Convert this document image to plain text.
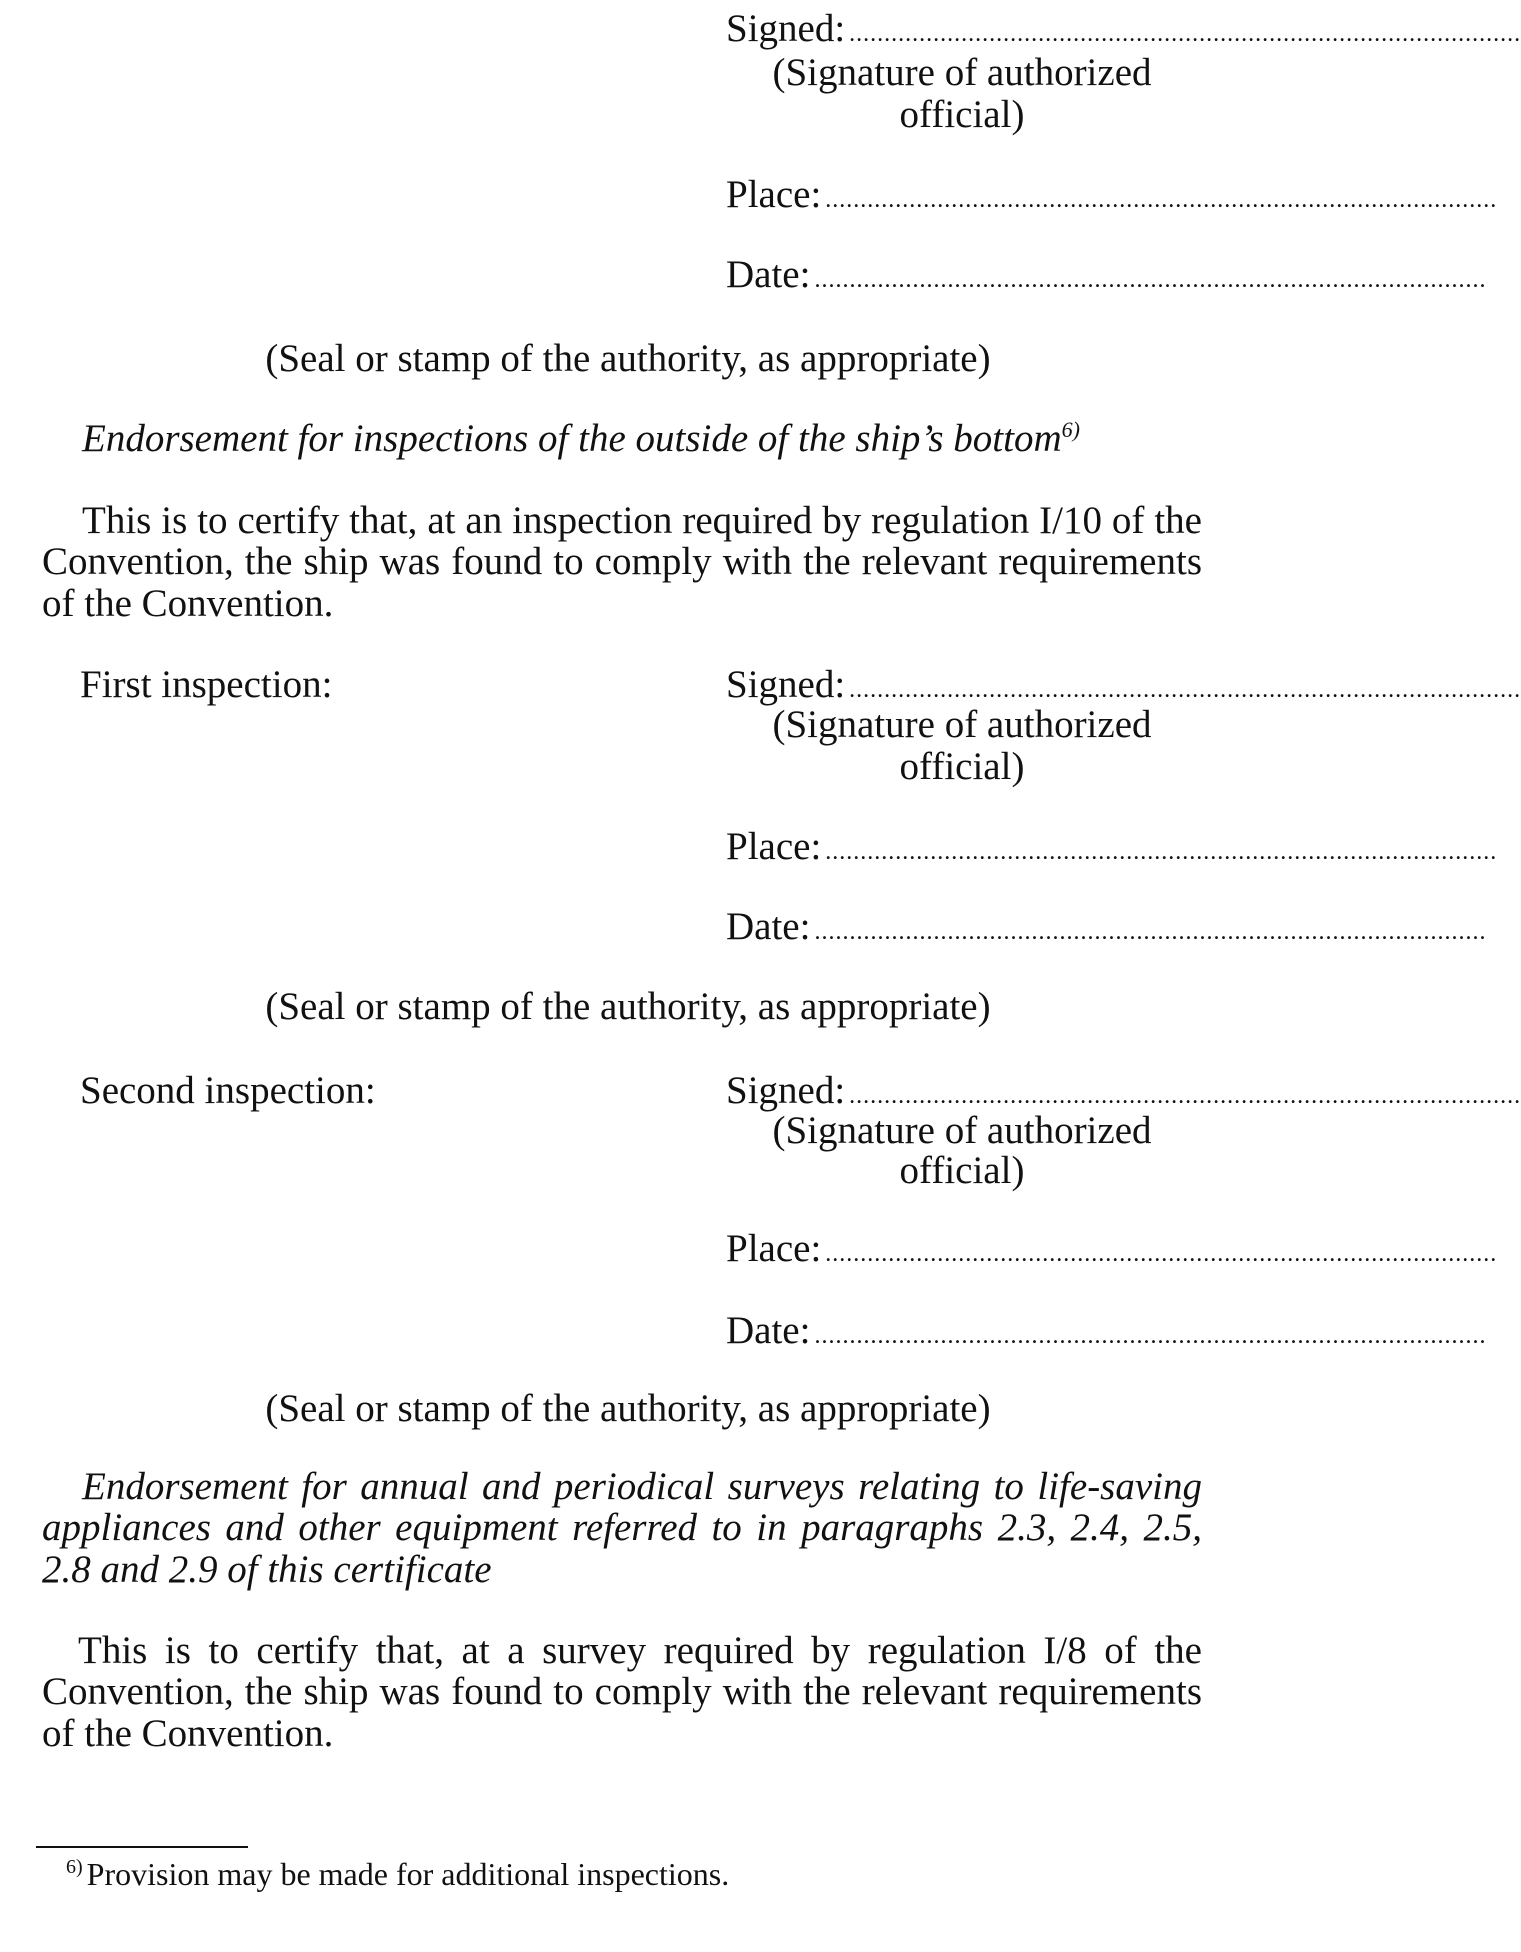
Signed: ................................................................................................
(Signature of authorized
official)
Place: ................................................................................................
Date: ................................................................................................
(Seal or stamp of the authority, as appropriate)
Endorsement for inspections of the outside of the ship’s bottom$^{6)}$
This is to certify that, at an inspection required by regulation I/10 of the Convention, the ship was found to comply with the relevant requirements of the Convention.
First inspection:	Signed: ................................................................................................
(Signature of authorized
official)
Place: ................................................................................................
Date: ................................................................................................
(Seal or stamp of the authority, as appropriate)
Second inspection:	Signed: ................................................................................................
(Signature of authorized
official)
Place: ................................................................................................
Date: ................................................................................................
(Seal or stamp of the authority, as appropriate)
Endorsement for annual and periodical surveys relating to life-saving appliances and other equipment referred to in paragraphs 2.3, 2.4, 2.5, 2.8 and 2.9 of this certificate
This is to certify that, at a survey required by regulation I/8 of the Convention, the ship was found to comply with the relevant requirements of the Convention.
$^{6)}$ Provision may be made for additional inspections.
